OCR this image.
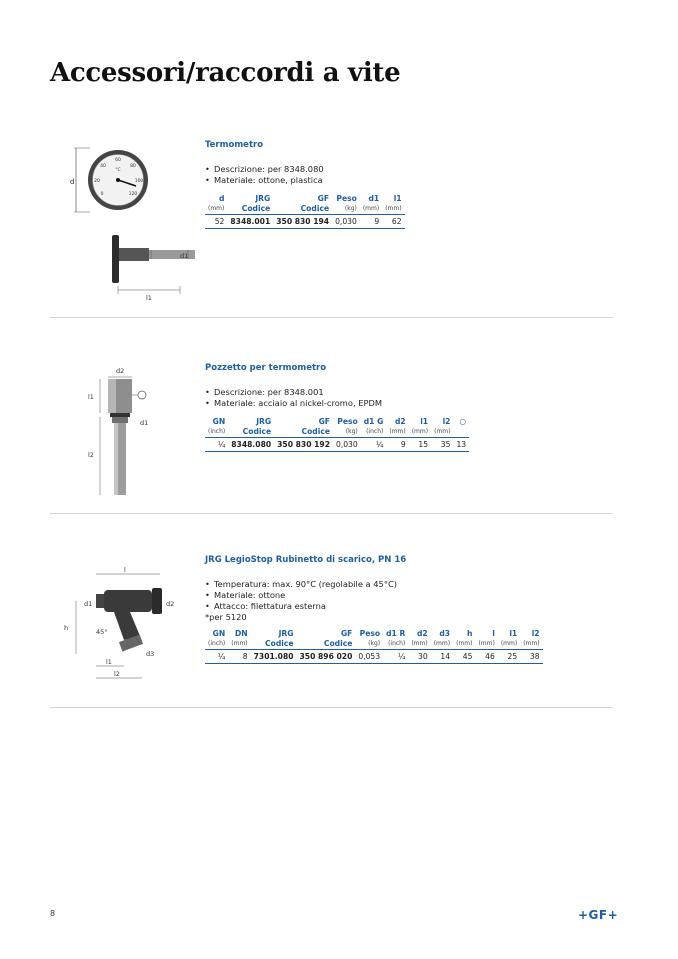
Accessori/raccordi a vite
d
0
20
40
60
80
100
120
°C
d1
l1

Termometro

• Descrizione: per 8348.080
• Materiale: ottone, plastica
d	JRG	GF	Peso	d1	l1
(mm)	Codice	Codice	(kg)	(mm)	(mm)
52	8348.001	350 830 194	0,030	9	62
d2
l1
l2
d1

Pozzetto per termometro

• Descrizione: per 8348.001
• Materiale: acciaio al nickel-cromo, EPDM
GN	JRG	GF	Peso	d1 G	d2	l1	l2	○
(inch)	Codice	Codice	(kg)	(inch)	(mm)	(mm)	(mm)	
¼	8348.080	350 830 192	0,030	¼	9	15	35	13
l
d1	d2
d3
h	45°
l1
l2

JRG LegioStop Rubinetto di scarico, PN 16

• Temperatura: max. 90°C (regolabile a 45°C)
• Materiale: ottone
• Attacco: filettatura esterna
*per 5120
GN	DN	JRG	GF	Peso	d1 R	d2	d3	h	l	l1	l2
(inch)	(mm)	Codice	Codice	(kg)	(inch)	(mm)	(mm)	(mm)	(mm)	(mm)	(mm)
¼	8	7301.080	350 896 020	0,053	¼	30	14	45	46	25	38
8	+GF+
